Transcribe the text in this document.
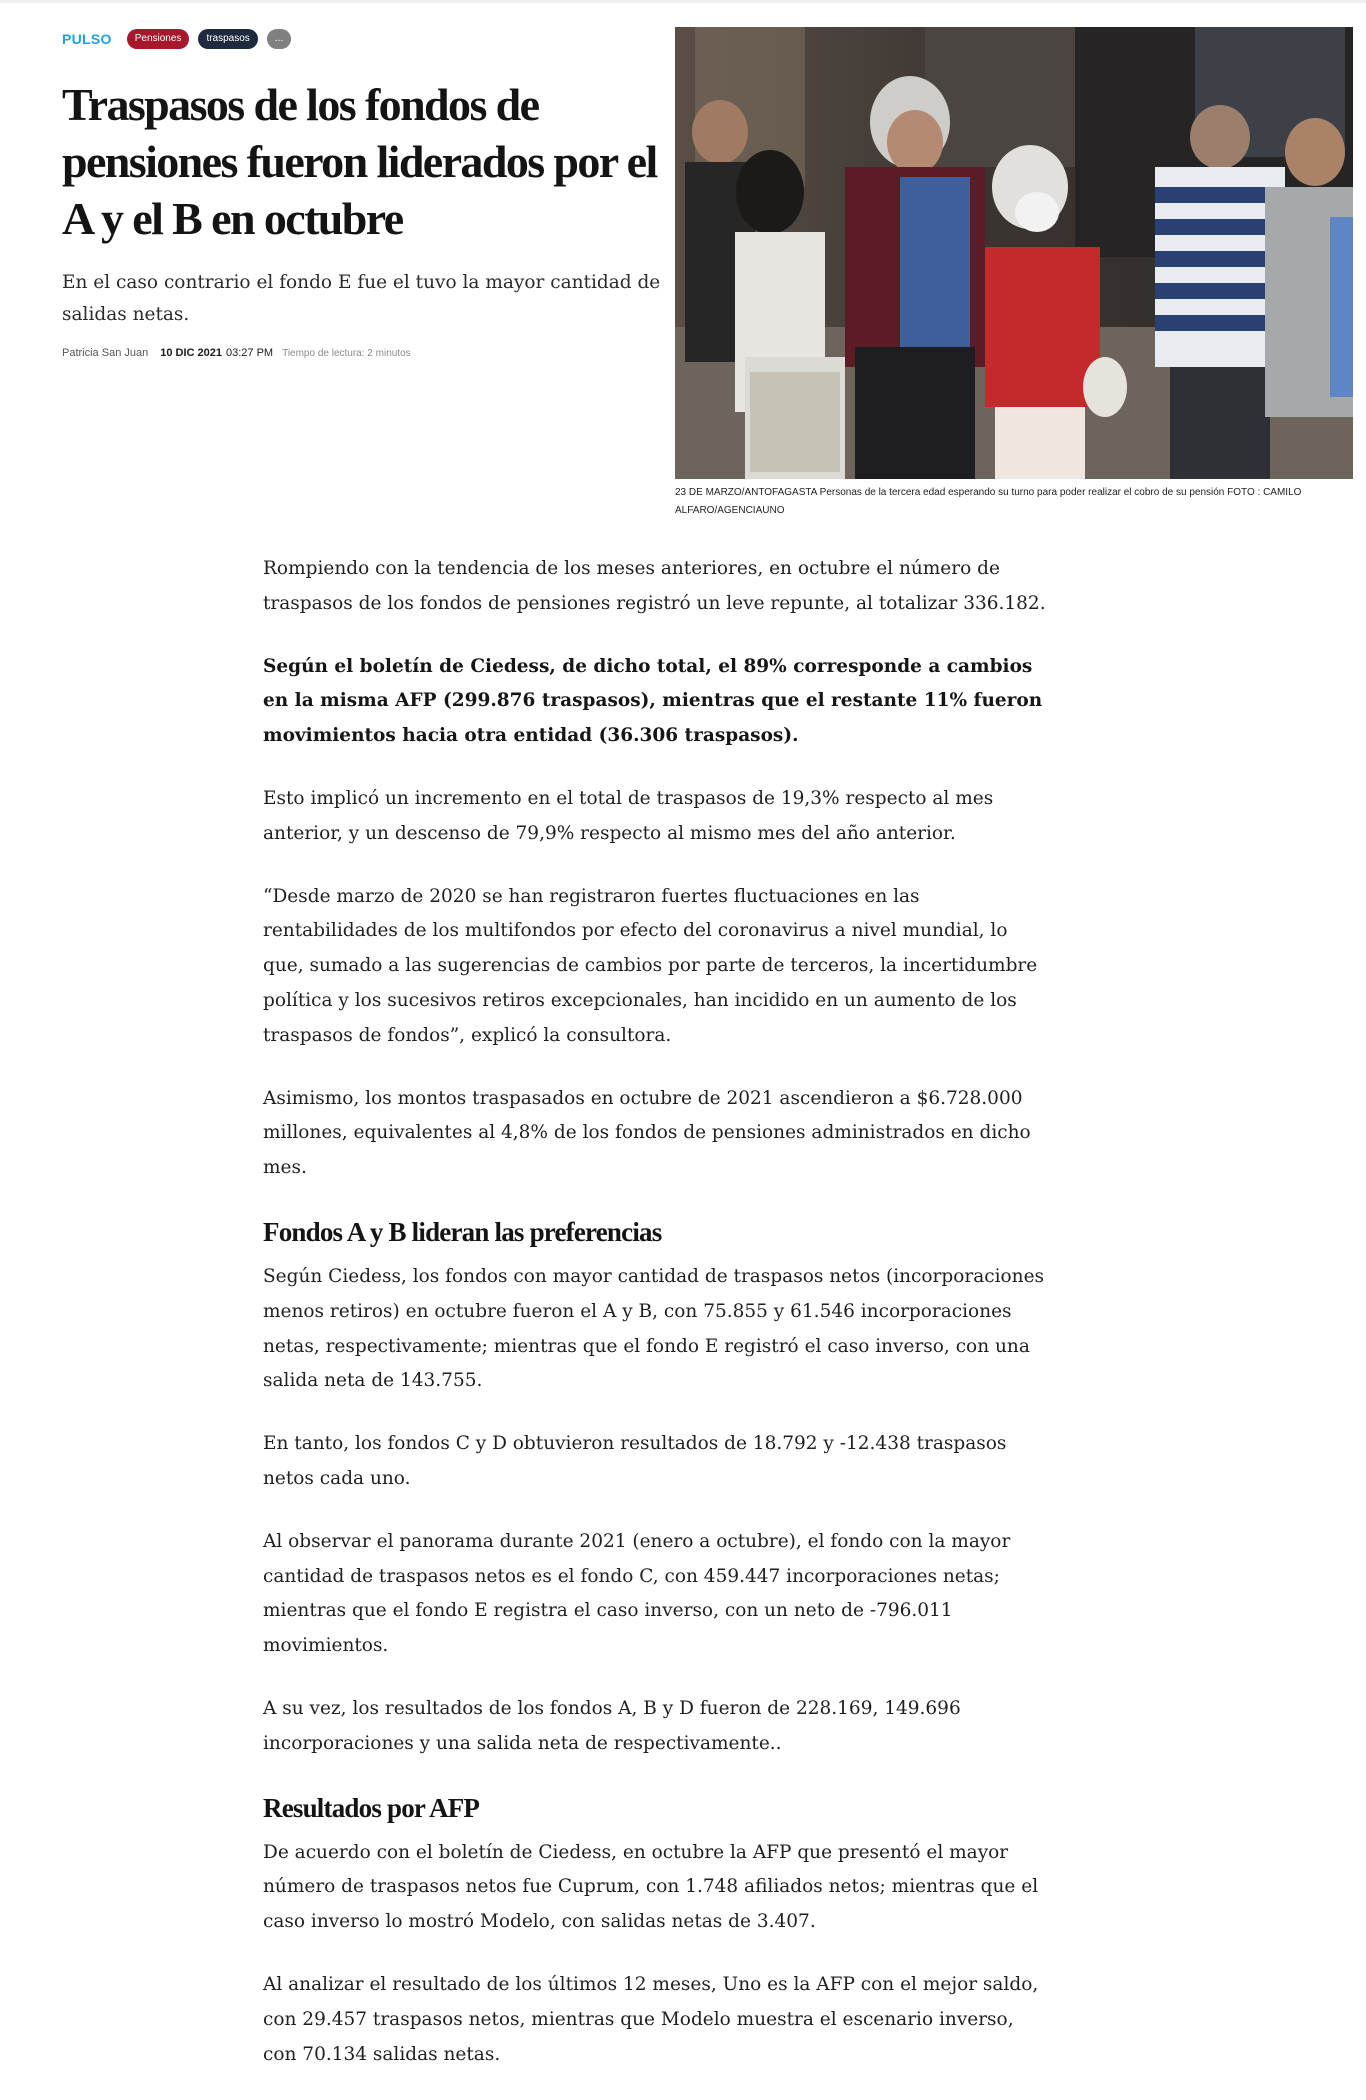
PULSO	Pensiones	traspasos	...
Traspasos de los fondos de pensiones fueron liderados por el A y el B en octubre

En el caso contrario el fondo E fue el tuvo la mayor cantidad de salidas netas.

Patricia San Juan 10 DIC 2021 03:27 PM Tiempo de lectura: 2 minutos
23 DE MARZO/ANTOFAGASTA Personas de la tercera edad esperando su turno para poder realizar el cobro de su pensión FOTO : CAMILO ALFARO/AGENCIAUNO

Rompiendo con la tendencia de los meses anteriores, en octubre el número de traspasos de los fondos de pensiones registró un leve repunte, al totalizar 336.182.

Según el boletín de Ciedess, de dicho total, el 89% corresponde a cambios en la misma AFP (299.876 traspasos), mientras que el restante 11% fueron movimientos hacia otra entidad (36.306 traspasos).

Esto implicó un incremento en el total de traspasos de 19,3% respecto al mes anterior, y un descenso de 79,9% respecto al mismo mes del año anterior.

“Desde marzo de 2020 se han registraron fuertes fluctuaciones en las rentabilidades de los multifondos por efecto del coronavirus a nivel mundial, lo que, sumado a las sugerencias de cambios por parte de terceros, la incertidumbre política y los sucesivos retiros excepcionales, han incidido en un aumento de los traspasos de fondos”, explicó la consultora.

Asimismo, los montos traspasados en octubre de 2021 ascendieron a $6.728.000 millones, equivalentes al 4,8% de los fondos de pensiones administrados en dicho mes.

Fondos A y B lideran las preferencias

Según Ciedess, los fondos con mayor cantidad de traspasos netos (incorporaciones menos retiros) en octubre fueron el A y B, con 75.855 y 61.546 incorporaciones netas, respectivamente; mientras que el fondo E registró el caso inverso, con una salida neta de 143.755.

En tanto, los fondos C y D obtuvieron resultados de 18.792 y -12.438 traspasos netos cada uno.

Al observar el panorama durante 2021 (enero a octubre), el fondo con la mayor cantidad de traspasos netos es el fondo C, con 459.447 incorporaciones netas; mientras que el fondo E registra el caso inverso, con un neto de -796.011 movimientos.

A su vez, los resultados de los fondos A, B y D fueron de 228.169, 149.696 incorporaciones y una salida neta de respectivamente..

Resultados por AFP

De acuerdo con el boletín de Ciedess, en octubre la AFP que presentó el mayor número de traspasos netos fue Cuprum, con 1.748 afiliados netos; mientras que el caso inverso lo mostró Modelo, con salidas netas de 3.407.

Al analizar el resultado de los últimos 12 meses, Uno es la AFP con el mejor saldo, con 29.457 traspasos netos, mientras que Modelo muestra el escenario inverso, con 70.134 salidas netas.
